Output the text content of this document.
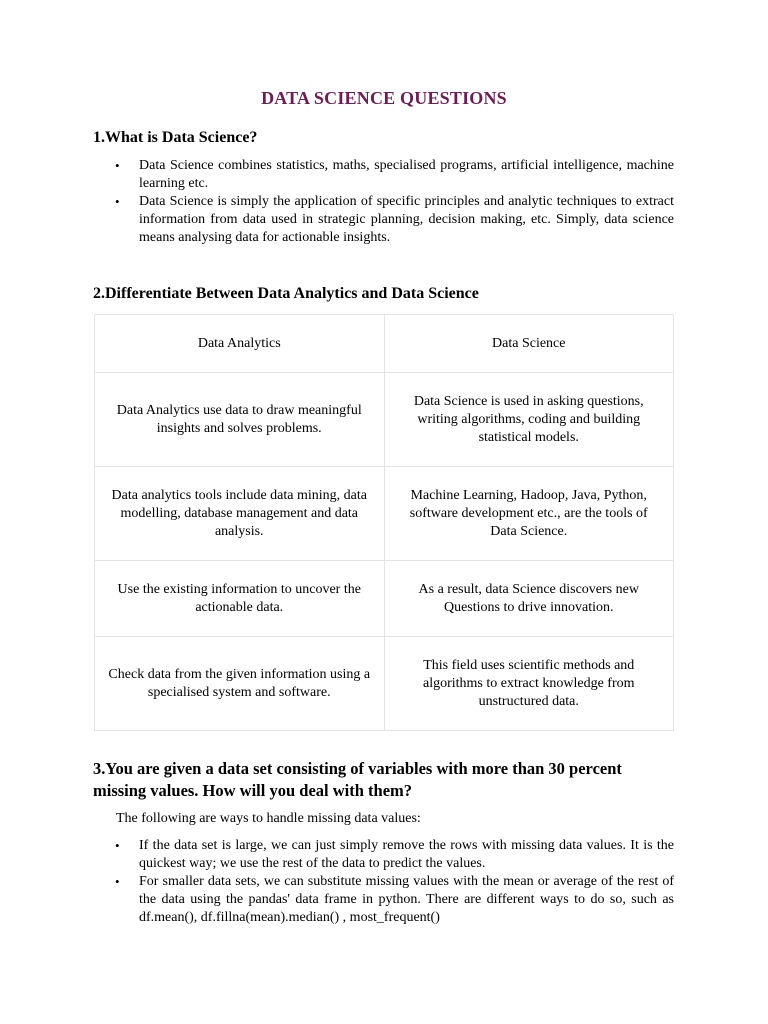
DATA SCIENCE QUESTIONS
1.What is Data Science?
• Data Science combines statistics, maths, specialised programs, artificial intelligence, machine learning etc.
• Data Science is simply the application of specific principles and analytic techniques to extract information from data used in strategic planning, decision making, etc. Simply, data science means analysing data for actionable insights.
2.Differentiate Between Data Analytics and Data Science
Data Analytics	Data Science
Data Analytics use data to draw meaningful insights and solves problems.	Data Science is used in asking questions, writing algorithms, coding and building statistical models.
Data analytics tools include data mining, data modelling, database management and data analysis.	Machine Learning, Hadoop, Java, Python, software development etc., are the tools of Data Science.
Use the existing information to uncover the actionable data.	As a result, data Science discovers new Questions to drive innovation.
Check data from the given information using a specialised system and software.	This field uses scientific methods and algorithms to extract knowledge from unstructured data.
3.You are given a data set consisting of variables with more than 30 percent missing values. How will you deal with them?
The following are ways to handle missing data values:
• If the data set is large, we can just simply remove the rows with missing data values. It is the quickest way; we use the rest of the data to predict the values.
• For smaller data sets, we can substitute missing values with the mean or average of the rest of the data using the pandas' data frame in python. There are different ways to do so, such as df.mean(), df.fillna(mean).median() , most_frequent()
